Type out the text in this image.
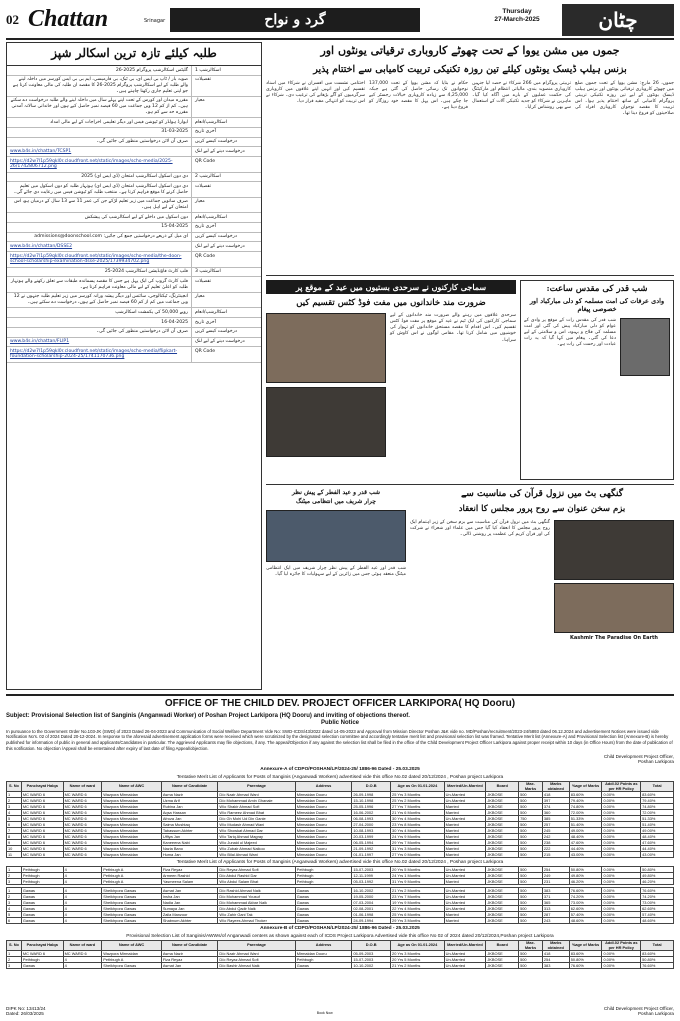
02 Chattan	Srinagar	گرد و نواح
Thursday
27-March-2025	چٹان
طلبہ کیلئے تازہ ترین اسکالر شپز
گلیٹس اسکالرشپ پروگرام 2025-26	اسکالرشپ 1
صوبہ بار / ٹاپ بی ایس ای، بی ٹیک، بی فارمیسی، ایم بی بی ایس کورسز میں داخلہ لینے والے طلبہ کے لیے اسکالرشپ پروگرام 2025-26 کا مقصد ان طلبہ کی مالی معاونت کرنا ہے جو اپنی تعلیم جاری رکھنا چاہتے ہیں۔
تفصیلات
مقررہ میدان اور کورس کے تحت اپنے پہلے سال میں داخلہ لینے والے طلبہ درخواست دے سکتے ہیں۔ کم از کم 12 ویں جماعت میں 60 فیصد نمبر حاصل کیے ہوں اور خاندانی سالانہ آمدنی مقررہ حد سے کم ہو۔
معیار
ایوارڈ ہولڈر کو ٹیوشن فیس اور دیگر تعلیمی اخراجات کے لیے مالی امداد	اسکالرشپ/انعام
31-03-2025	آخری تاریخ
صرف آن لائن درخواستیں منظور کی جائیں گی۔	درخواست کیسے کریں
www.b4s.in/chattan/TCSP1	درخواست دینے کے لیے لنک
https://d2w7l1p59qkl0r.cloudfront.net/static/images/scho-media/2025-26/1742806712.png
QR Code
دی دون اسکول اسکالرشپ امتحان (ڈی ایس ای) 2025	اسکالرشپ 2
دی دون اسکول اسکالرشپ امتحان (ڈی ایس ای) ہونہار طلبہ کو دون اسکول میں تعلیم حاصل کرنے کا موقع فراہم کرتا ہے۔ منتخب طلبہ کو ٹیوشن فیس میں رعایت دی جائے گی۔
تفصیلات
صرف ساتویں جماعت میں زیر تعلیم لڑکے جن کی عمر 11 سے 13 سال کے درمیان ہو، اس امتحان کے لیے اہل ہیں۔
معیار
دون اسکول میں داخلے کے لیے اسکالرشپ کی پیشکش	اسکالرشپ/انعام
15-04-2025	آخری تاریخ
ای میل کے ذریعے درخواستیں جمع کی جائیں: admissions@doonschool.com	درخواست کیسے کریں
www.b4s.in/chattan/DSSE2	درخواست دینے کے لیے لنک
https://d2w7l1p59qkl0r.cloudfront.net/static/images/scho-media/the-doon-school-scholarship-examination-dsse-2025/1739934702.png
QR Code
فلپ کارٹ فاؤنڈیشن اسکالرشپ 2024-25	اسکالرشپ 3
فلپ کارٹ گروپ کی ایک پہل ہے جس کا مقصد پسماندہ طبقات سے تعلق رکھنے والے ہونہار طلبہ کو اعلیٰ تعلیم کے لیے مالی معاونت فراہم کرنا ہے۔
تفصیلات
انجینئرنگ، ٹیکنالوجی، سائنس اور دیگر پیشہ ورانہ کورسز میں زیر تعلیم طلبہ جنہوں نے 12 ویں جماعت میں کم از کم 60 فیصد نمبر حاصل کیے ہوں، درخواست دے سکتے ہیں۔
معیار
روپے 50,000 کی یکمشت اسکالرشپ	اسکالرشپ/انعام
16-04-2025	آخری تاریخ
صرف آن لائن درخواستیں منظور کی جائیں گی۔	درخواست کیسے کریں
www.b4s.in/chattan/FLIP1	درخواست دینے کے لیے لنک
https://d2w7l1p59qkl0r.cloudfront.net/static/images/scho-media/flipkart-foundation-scholarship-2024-25/1741170736.png
QR Code
جموں میں مشن یووا کے تحت چھوٹے کاروباری ترقیاتی یونٹوں اور
بزنس ہیلپ ڈیسک یونٹوں کیلئے تین روزہ تکنیکی تربیت کامیابی سے اختتام پذیر
جموں، 26 مارچ: مشن یووا کے تحت جموں ضلع میں چھوٹے کاروباری ترقیاتی یونٹوں اور بزنس ہیلپ ڈیسک یونٹوں کے لیے تین روزہ تکنیکی تربیتی پروگرام کامیابی کے ساتھ اختتام پذیر ہوا۔ اس تربیت کا مقصد نوجوان کاروباری افراد کی صلاحیتوں کو فروغ دینا تھا۔
تربیتی پروگرام میں 266 شرکاء نے حصہ لیا جنہیں کاروباری منصوبہ بندی، مالیاتی انتظام اور مارکیٹنگ کی حکمت عملیوں کے بارے میں آگاہ کیا گیا۔ ماہرین نے شرکاء کو جدید تکنیکی آلات کے استعمال سے بھی روشناس کرایا۔
حکام نے بتایا کہ مشن یووا کے تحت 137,000 نوجوانوں تک رسائی حاصل کی گئی ہے جبکہ 4,25,000 سے زیادہ کاروباری خیالات رجسٹر کیے جا چکے ہیں۔ اس پہل کا مقصد خود روزگار کو فروغ دینا ہے۔
اختتامی نشست میں افسران نے شرکاء میں اسناد تقسیم کیں اور انہیں اپنے علاقوں میں کاروباری سرگرمیوں کو آگے بڑھانے کی ترغیب دی۔ شرکاء نے اس تربیت کو انتہائی مفید قرار دیا۔
سماجی کارکنوں نے سرحدی بستیوں میں عید کے موقع پر
ضرورت مند خاندانوں میں مفت فوڈ کٹس تقسیم کیں
سرحدی علاقوں میں رہنے والے ضرورت مند خاندانوں کے لیے سماجی کارکنوں کی ایک ٹیم نے عید کے موقع پر مفت فوڈ کٹس تقسیم کیں۔ اس اقدام کا مقصد مستحق خاندانوں کو تہوار کی خوشیوں میں شامل کرنا تھا۔ مقامی لوگوں نے اس کاوش کو سراہا۔
شب قدر کی مقدس ساعت:
وادی عرفات کی امت مسلمہ کو دلی مبارکباد اور خصوصی پیغام
شب قدر کی مقدس رات کے موقع پر وادی کے عوام کو دلی مبارکباد پیش کی گئی اور امت مسلمہ کی فلاح و بہبود، امن و سلامتی کے لیے دعا کی گئی۔ پیغام میں کہا گیا کہ یہ رات عبادت اور رحمت کی رات ہے۔
شب قدر و عید الفطر کے پیش نظر
چرار شریف میں انتظامی میٹنگ
شب قدر اور عید الفطر کے پیش نظر چرار شریف میں ایک انتظامی میٹنگ منعقد ہوئی جس میں زائرین کے لیے سہولیات کا جائزہ لیا گیا۔
گنگھی بٹ میں نزول قرآن کی مناسبت سے
بزم سخن عنوان سے روح پرور مجلس کا انعقاد
Kashmir The Paradise On Earth
گنگھی بٹ میں نزول قرآن کی مناسبت سے بزم سخن کے زیر اہتمام ایک روح پرور مجلس کا انعقاد کیا گیا جس میں علماء اور شعراء نے شرکت کی اور قرآن کریم کی عظمت پر روشنی ڈالی۔
OFFICE OF THE CHILD DEV. PROJECT OFFICER LARKIPORA( HQ Dooru)
Subject: Provisional Selection list of Sanginis (Anganwadi Worker) of Poshan Project Larkipora (HQ Dooru) and inviting of objections thereof.
Public Notice
In pursuance to the Government Order No.103-JK (SWD) of 2023 Dated 26-04-2023 and Communication of Social Welfare Department Vide No: SWD-ICDS/43/2022 dated 14-05-2023 and Approval from Mission Director Poshan J&K vide no. MD/Poshan/recruitment/2023-24/5893 dated 06.12.2024 and advertisement Notices were issued vide Notification No's. 02 of 2024 Dated 20-12-2024. In response to the aforesaid advertisement application forms were received which were scrutinized by the designated selection committee and accordingly tentative merit list and provisional selection list was framed. Tentative Merit list (Annexure-A) and Provisional Selection list (Annexure-B) is hereby published for information of public in general and applicants/Candidates in particular. The aggrieved Applicants may file objections, if any. The appeal/Objection if any against the selection list shall be filed in the office of the Child Development Project Officer Larkipora against proper receipt within 10 days (in Office Hours) from the date of publication of this notification. No objection /Appeal shall be entertained after expiry of last date of filing Appeal/objection.
Child Development Project Officer,
Poshan Larkipora
Annexure-A of CDPO/POSHAN/LP/2024-25/ 1886-96 Dated - 25.03.2025
Tentative Merit List of Applicants for Posts of Sanginis (Anganwadi Workers) advertised vide this office No.02 dated 20/12/2024 , Poshan project Larkipora
S. No	Panchayat Halqa	Name of ward	Name of AWC	Name of Candidate	Parentage	Address	D.O.B	Age as On 01.01.2024	Married/Un-Married	Board	Max. Marks	Marks obtained	%age of Marks	Addl.02 Points as per HR Policy	Total
1	MC WARD 6	MC WARD 6	Wazpora Mirmaidan	Asma Nazir	D/o Nazir Ahmad Wani	Mirmaidan Dooru	26-09-1998	25 Yrs 3 Months	Un-Married	JKBOSE	500	418	83.60%	0.00%	83.60%
2	MC WARD 6	MC WARD 6	Wazpora Mirmaidan	Uzma Arif	D/o Mohammad Amin Ghanaie	Mirmaidan Dooru	15-10-1998	25 Yrs 2 Months	Un-Married	JKBOSE	500	397	79.40%	0.00%	79.40%
3	MC WARD 6	MC WARD 6	Wazpora Mirmaidan	Rubina Jan	W/o Shakir Ahmad Sofi	Mirmaidan Dooru	25-05-1996	27 Yrs 7 Months	Married	JKBOSE	500	374	74.80%	0.00%	74.80%
4	MC WARD 6	MC WARD 6	Wazpora Mirmaidan	Aqsa Hassan	W/o Rameez Ahmad Bhat	Mirmaidan Dooru	16-06-2002	21 Yrs 6 Months	Married	JKBOSE	500	360	72.00%	0.00%	72.00%
5	MC WARD 6	MC WARD 6	Wazpora Mirmaidan	Afroza Jan	D/o Gh Mohi Ud Din Ganie	Mirmaidan Dooru	06-08-1993	30 Yrs 4 Months	Un-Married	JKBOSE	750	385	51.33%	0.00%	51.33%
6	MC WARD 6	MC WARD 6	Wazpora Mirmaidan	Saima Mushtaq	W/o Mudasir Ahmad Wani	Mirmaidan Dooru	27-04-2000	23 Yrs 8 Months	Married	JKBOSE	500	257	51.40%	0.00%	51.40%
7	MC WARD 6	MC WARD 6	Wazpora Mirmaidan	Tabassum Akhter	W/o Showkat Ahmad Dar	Mirmaidan Dooru	10-08-1993	30 Yrs 4 Months	Married	JKBOSE	500	245	49.00%	0.00%	49.00%
8	MC WARD 6	MC WARD 6	Wazpora Mirmaidan	Uffiya Jan	W/o Tariq Ahmad Magray	Mirmaidan Dooru	20-03-1999	24 Yrs 9 Months	Married	JKBOSE	500	242	48.40%	0.00%	48.40%
9	MC WARD 6	MC WARD 6	Wazpora Mirmaidan	Kaneeena Nabi	W/o Junaid ul Majeed	Mirmaidan Dooru	06-05-1994	29 Yrs 7 Months	Married	JKBOSE	500	238	47.60%	0.00%	47.60%
10	MC WARD 6	MC WARD 6	Wazpora Mirmaidan	Nazia Bano	W/o Zubair Ahmad Naikoo	Mirmaidan Dooru	21-09-1992	31 Yrs 3 Months	Married	JKBOSE	500	222	44.40%	0.00%	44.40%
11	MC WARD 6	MC WARD 6	Wazpora Mirmaidan	Huma Jan	W/o Bilal Ahmad Wani	Mirmaidan Dooru	01-01-1997	27 Yrs 0 Months	Married	JKBOSE	500	215	43.00%	0.00%	43.00%
Tentative Merit List of Applicants for Posts of Sanginis (Anganwadi Workers) advertised vide this office No.02 dated 20/12/2024 , Poshan project Larkipora
1	Pethbugh	4	Pethbugh A	Fiza Reyaz	D/o Reyaz Ahmad Sofi	Pethbugh	15-07-2003	20 Yrs 5 Months	Un-Married	JKBOSE	500	254	50.80%	0.00%	50.80%
2	Pethbugh	4	Pethbugh A	Armeen Rashid	D/o Abdul Rashid Dar	Pethbugh	12-11-1999	24 Yrs 1 Months	Un-Married	JKBOSE	500	249	49.80%	0.00%	49.80%
3	Pethbugh	4	Pethbugh A	Yasmeena Salam	W/o Abdul Salam Bhat	Pethbugh	05-03-1992	31 Yrs 9 Months	Married	JKBOSE	500	231	46.20%	0.00%	46.20%
1	Gawas	4	Sheikhpora Gawas	Asmat Jan	D/o Rashid Ahmad Naik	Gawas	16-10-2002	21 Yrs 2 Months	Un-Married	JKBOSE	500	383	76.60%	0.00%	76.60%
2	Gawas	4	Sheikhpora Gawas	Insha Jan	D/o Mohammad Yousuf	Gawas	19-05-2000	23 Yrs 7 Months	Un-Married	JKBOSE	500	371	74.20%	0.00%	74.20%
3	Gawas	4	Sheikhpora Gawas	Nadia Jan	D/o Mohammad Akbar Naik	Gawas	07-03-2004	19 Yrs 9 Months	Un-Married	JKBOSE	500	365	73.00%	0.00%	73.00%
4	Gawas	4	Sheikhpora Gawas	Sumaya Jan	D/o Abdul Qadir Naik	Gawas	02-08-2001	22 Yrs 4 Months	Un-Married	JKBOSE	500	313	62.60%	0.00%	62.60%
5	Gawas	4	Sheikhpora Gawas	Zaila Manzoor	W/o Zahir Gani Tak	Gawas	01-06-1998	25 Yrs 6 Months	Married	JKBOSE	500	287	57.40%	0.00%	57.40%
6	Gawas	4	Sheikhpora Gawas	Shabnum Akhter	W/o Rayees Ahmad Thoker	Gawas	24-09-1994	29 Yrs 3 Months	Married	JKBOSE	500	243	48.60%	0.00%	48.60%
Annexure-B of CDPO/POSHAN/LP/2024-25/ 1886-96 Dated - 25.03.2025
Provisional Selection List of Sanginis/AWWs/of Anganwadi centers as shown against each of ICDS Project Larkipora Advertised vide this office No 02 of 2024 dated 20/12/2024,Poshan project Larkipora
S. No	Panchayat Halqa	Name of ward	Name of AWC	Name of Candidate	Parentage	Address	D.O.B	Age as On 01.01.2024	Married/Un-Married	Board	Max. Marks	Marks obtained	%age of Marks	Addl.02 Points as per HR Policy	Total
1	MC WARD 6	MC WARD 6	Wazpora Mirmaidan	Asma Nazir	D/o Nazir Ahmad Wani	Mirmaidan Dooru	05-09-2003	20 Yrs 3 Months	Un-Married	JKBOSE	500	418	83.60%	0.00%	83.60%
2	Pethbugh	4	Pethbugh A	Fiza Reyaz	D/o Reyaz Ahmad Sofi	Pethbugh	15-07-2003	20 Yrs 5 Months	Un-Married	JKBOSE	500	254	50.80%	0.00%	50.80%
3	Gawas	4	Sheikhpora Gawas	Asmat Jan	D/o Bashir Ahmad Naik	Gawas	10-10-2002	21 Yrs 2 Months	Un-Married	JKBOSE	500	383	76.60%	0.00%	76.60%
DIPK No: 13413/24
Dated: 26/03/2025	Book Now
Child Development Project Officer,
Poshan Larkipora
